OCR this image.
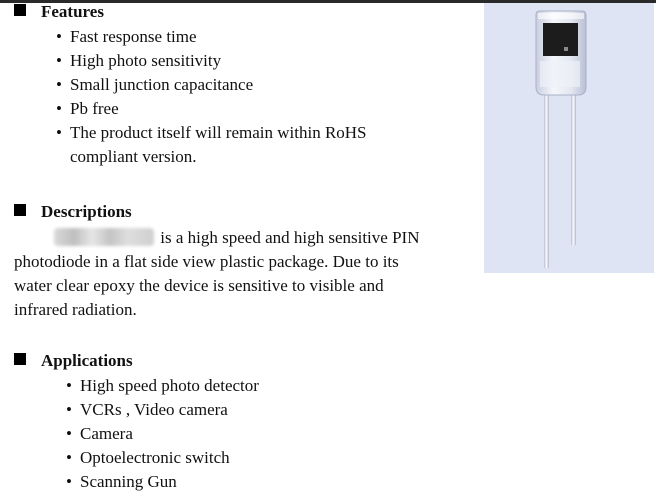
Features
• Fast response time
• High photo sensitivity
• Small junction capacitance
• Pb free
• The product itself will remain within RoHS compliant version.
Descriptions
is a high speed and high sensitive PIN
photodiode in a flat side view plastic package. Due to its
water clear epoxy the device is sensitive to visible and
infrared radiation.
Applications
• High speed photo detector
• VCRs , Video camera
• Camera
• Optoelectronic switch
• Scanning Gun
